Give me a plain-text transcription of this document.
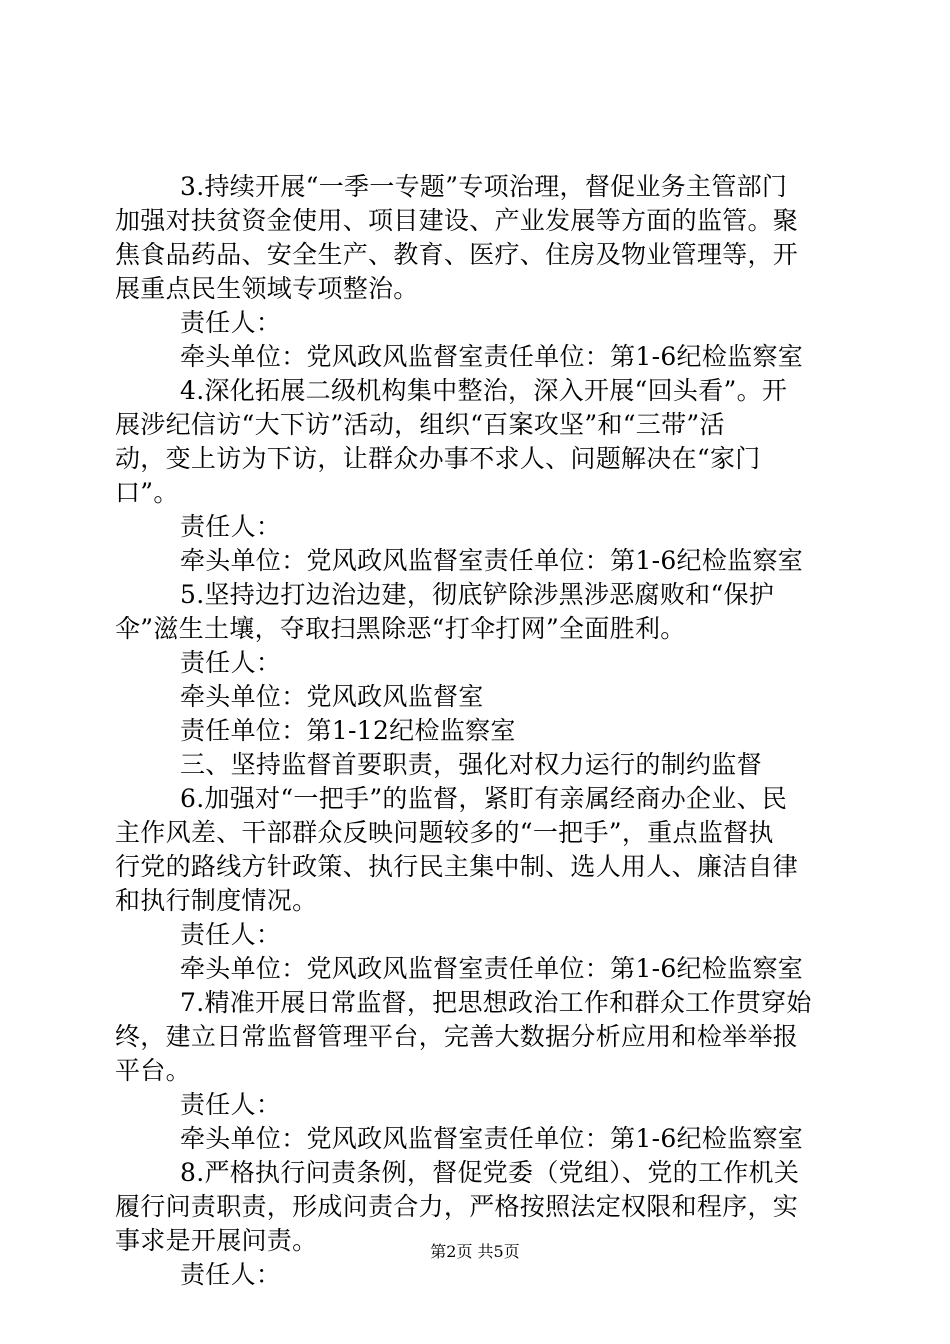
3.持续开展“一季一专题”专项治理，督促业务主管部门
加强对扶贫资金使用、项目建设、产业发展等方面的监管。聚
焦食品药品、安全生产、教育、医疗、住房及物业管理等，开
展重点民生领域专项整治。
责任人：
牵头单位：党风政风监督室责任单位：第1-6纪检监察室
4.深化拓展二级机构集中整治，深入开展“回头看”。开
展涉纪信访“大下访”活动，组织“百案攻坚”和“三带”活
动，变上访为下访，让群众办事不求人、问题解决在“家门
口”。
责任人：
牵头单位：党风政风监督室责任单位：第1-6纪检监察室
5.坚持边打边治边建，彻底铲除涉黑涉恶腐败和“保护
伞”滋生土壤，夺取扫黑除恶“打伞打网”全面胜利。
责任人：
牵头单位：党风政风监督室
责任单位：第1-12纪检监察室
三、坚持监督首要职责，强化对权力运行的制约监督
6.加强对“一把手”的监督，紧盯有亲属经商办企业、民
主作风差、干部群众反映问题较多的“一把手”，重点监督执
行党的路线方针政策、执行民主集中制、选人用人、廉洁自律
和执行制度情况。
责任人：
牵头单位：党风政风监督室责任单位：第1-6纪检监察室
7.精准开展日常监督，把思想政治工作和群众工作贯穿始
终，建立日常监督管理平台，完善大数据分析应用和检举举报
平台。
责任人：
牵头单位：党风政风监督室责任单位：第1-6纪检监察室
8.严格执行问责条例，督促党委（党组）、党的工作机关
履行问责职责，形成问责合力，严格按照法定权限和程序，实
事求是开展问责。
责任人：
第2页 共5页
